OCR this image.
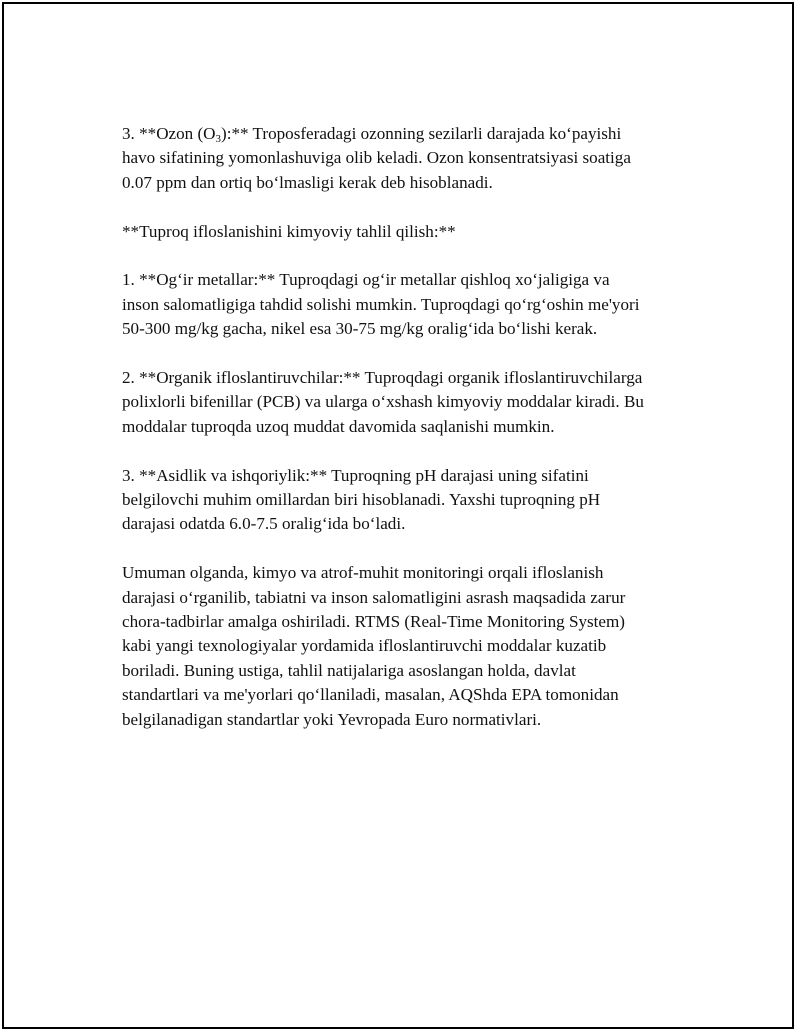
3. **Ozon $(O_3):**$ Troposferadagi ozonning sezilarli darajada ko‘payishi
havo sifatining yomonlashuviga olib keladi. Ozon konsentratsiyasi soatiga
0.07 ppm dan ortiq bo‘lmasligi kerak deb hisoblanadi.

**Tuproq ifloslanishini kimyoviy tahlil qilish:**

1. **Og‘ir metallar:** Tuproqdagi og‘ir metallar qishloq xo‘jaligiga va
inson salomatligiga tahdid solishi mumkin. Tuproqdagi qo‘rg‘oshin me'yori
50-300 mg/kg gacha, nikel esa 30-75 mg/kg oralig‘ida bo‘lishi kerak.

2. **Organik ifloslantiruvchilar:** Tuproqdagi organik ifloslantiruvchilarga
polixlorli bifenillar (PCB) va ularga o‘xshash kimyoviy moddalar kiradi. Bu
moddalar tuproqda uzoq muddat davomida saqlanishi mumkin.

3. **Asidlik va ishqoriylik:** Tuproqning pH darajasi uning sifatini
belgilovchi muhim omillardan biri hisoblanadi. Yaxshi tuproqning pH
darajasi odatda 6.0-7.5 oralig‘ida bo‘ladi.

Umuman olganda, kimyo va atrof-muhit monitoringi orqali ifloslanish
darajasi o‘rganilib, tabiatni va inson salomatligini asrash maqsadida zarur
chora-tadbirlar amalga oshiriladi. RTMS (Real-Time Monitoring System)
kabi yangi texnologiyalar yordamida ifloslantiruvchi moddalar kuzatib
boriladi. Buning ustiga, tahlil natijalariga asoslangan holda, davlat
standartlari va me'yorlari qo‘llaniladi, masalan, AQShda EPA tomonidan
belgilanadigan standartlar yoki Yevropada Euro normativlari.
